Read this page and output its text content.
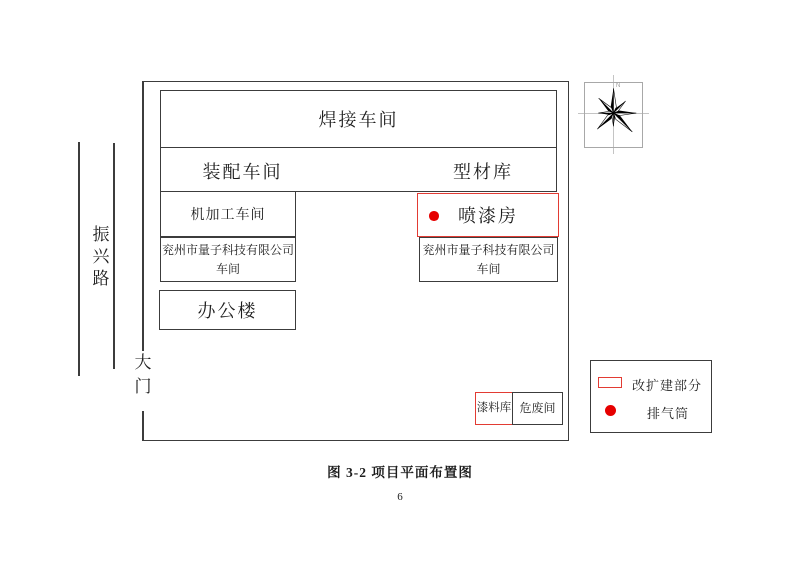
振兴路
大门
焊接车间
装配车间	型材库
机加工车间
兖州市量子科技有限公司
车间
办公楼
喷漆房
兖州市量子科技有限公司
车间
漆料库 危废间
N
改扩建部分
排气筒
图 3-2 项目平面布置图
6
